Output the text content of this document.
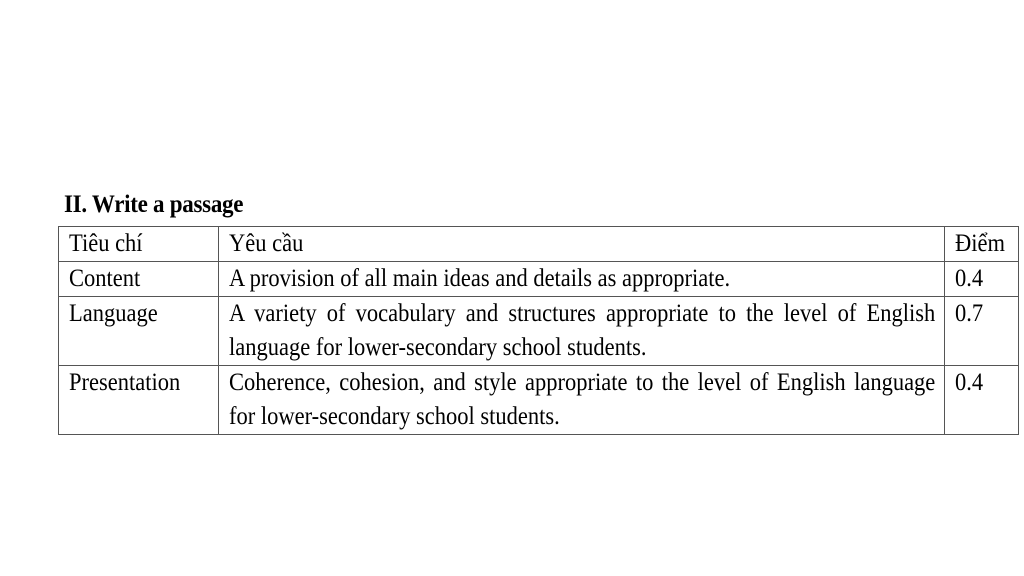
II. Write a passage
Tiêu chí	Yêu cầu	Điểm

Content	A provision of all main ideas and details as appropriate.	0.4

Language	A variety of vocabulary and structures appropriate to the level of English language for lower-secondary school students.	0.7

Presentation	Coherence, cohesion, and style appropriate to the level of English language for lower-secondary school students.	0.4
